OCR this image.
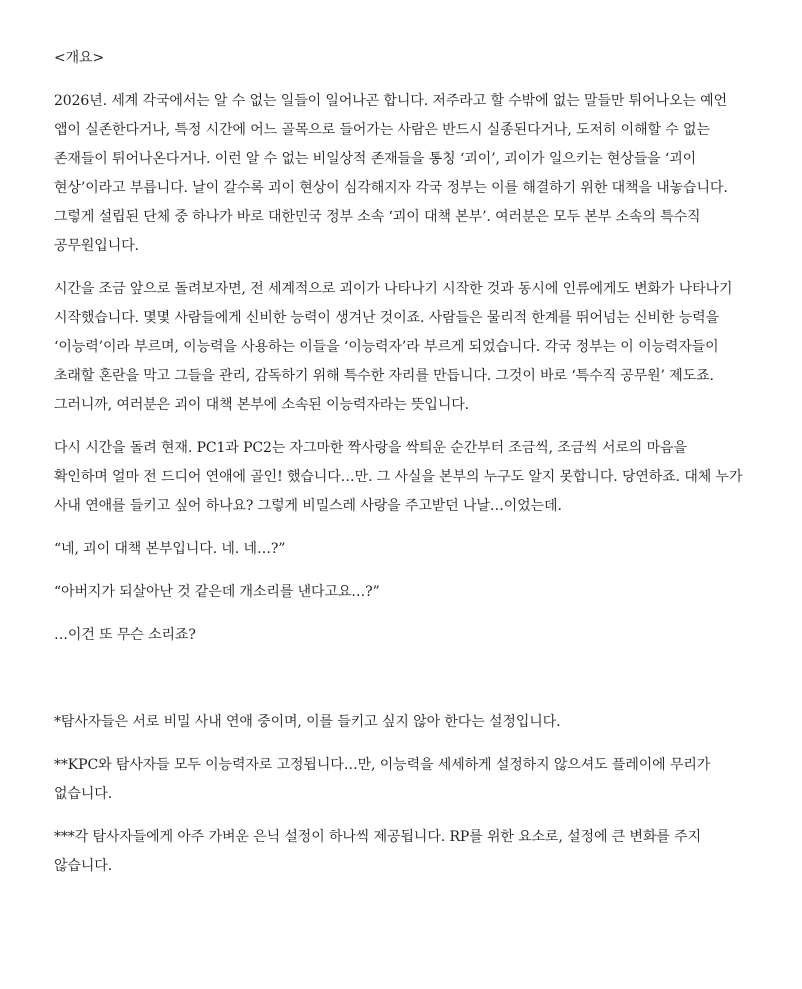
<개요>
2026년. 세계 각국에서는 알 수 없는 일들이 일어나곤 합니다. 저주라고 할 수밖에 없는 말들만 튀어나오는 예언
앱이 실존한다거나, 특정 시간에 어느 골목으로 들어가는 사람은 반드시 실종된다거나, 도저히 이해할 수 없는
존재들이 튀어나온다거나. 이런 알 수 없는 비일상적 존재들을 통칭 ‘괴이’, 괴이가 일으키는 현상들을 ‘괴이
현상’이라고 부릅니다. 날이 갈수록 괴이 현상이 심각해지자 각국 정부는 이를 해결하기 위한 대책을 내놓습니다.
그렇게 설립된 단체 중 하나가 바로 대한민국 정부 소속 ‘괴이 대책 본부’. 여러분은 모두 본부 소속의 특수직
공무원입니다.
시간을 조금 앞으로 돌려보자면, 전 세계적으로 괴이가 나타나기 시작한 것과 동시에 인류에게도 변화가 나타나기
시작했습니다. 몇몇 사람들에게 신비한 능력이 생겨난 것이죠. 사람들은 물리적 한계를 뛰어넘는 신비한 능력을
‘이능력’이라 부르며, 이능력을 사용하는 이들을 ‘이능력자’라 부르게 되었습니다. 각국 정부는 이 이능력자들이
초래할 혼란을 막고 그들을 관리, 감독하기 위해 특수한 자리를 만듭니다. 그것이 바로 ‘특수직 공무원’ 제도죠.
그러니까, 여러분은 괴이 대책 본부에 소속된 이능력자라는 뜻입니다.
다시 시간을 돌려 현재. PC1과 PC2는 자그마한 짝사랑을 싹틔운 순간부터 조금씩, 조금씩 서로의 마음을
확인하며 얼마 전 드디어 연애에 골인! 했습니다…만. 그 사실을 본부의 누구도 알지 못합니다. 당연하죠. 대체 누가
사내 연애를 들키고 싶어 하나요? 그렇게 비밀스레 사랑을 주고받던 나날…이었는데.
“네, 괴이 대책 본부입니다. 네. 네…?”
“아버지가 되살아난 것 같은데 개소리를 낸다고요…?”
…이건 또 무슨 소리죠?
*탐사자들은 서로 비밀 사내 연애 중이며, 이를 들키고 싶지 않아 한다는 설정입니다.
**KPC와 탐사자들 모두 이능력자로 고정됩니다…만, 이능력을 세세하게 설정하지 않으셔도 플레이에 무리가
없습니다.
***각 탐사자들에게 아주 가벼운 은닉 설정이 하나씩 제공됩니다. RP를 위한 요소로, 설정에 큰 변화를 주지
않습니다.
